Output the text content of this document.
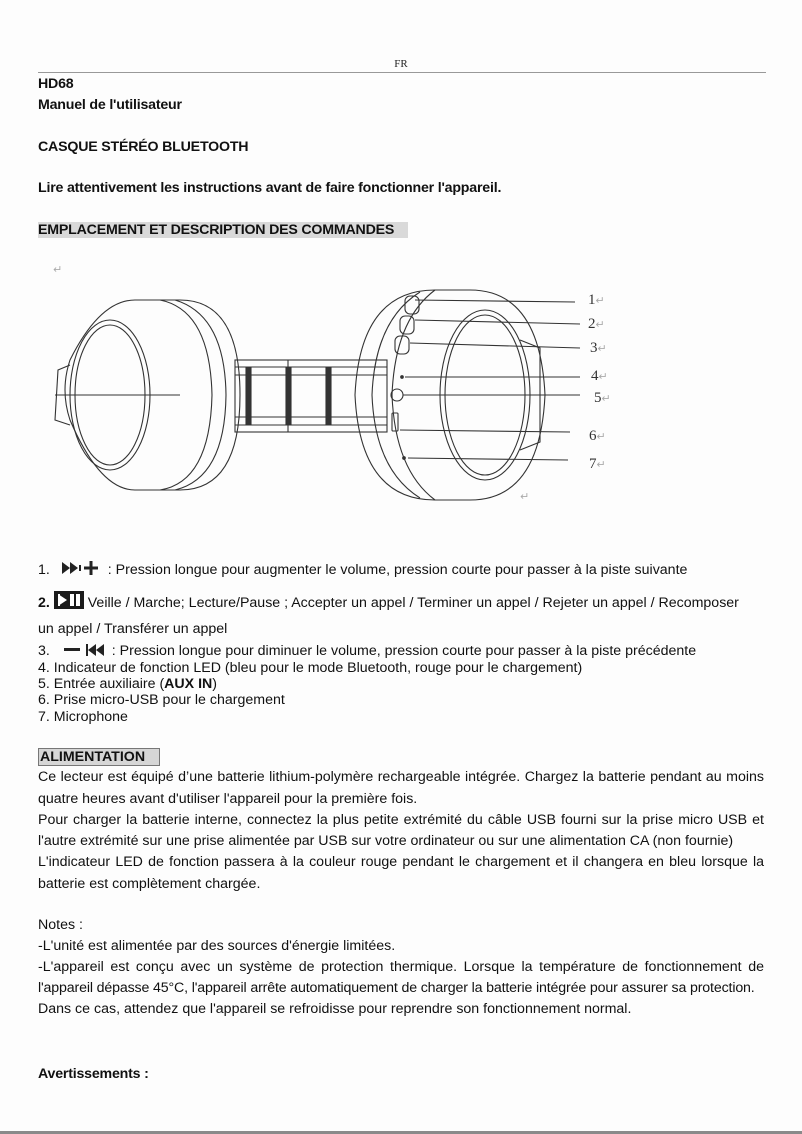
FR
HD68
Manuel de l'utilisateur
CASQUE STÉRÉO BLUETOOTH
Lire attentivement les instructions avant de faire fonctionner l'appareil.
EMPLACEMENT ET DESCRIPTION DES COMMANDES
↵
↵
1↵
2↵
3↵
4↵
5↵
6↵
7↵
1.	: Pression longue pour augmenter le volume, pression courte pour passer à la piste suivante
2.	Veille / Marche; Lecture/Pause ; Accepter un appel / Terminer un appel / Rejeter un appel / Recomposer
un appel / Transférer un appel
3.	: Pression longue pour diminuer le volume, pression courte pour passer à la piste précédente
4. Indicateur de fonction LED (bleu pour le mode Bluetooth, rouge pour le chargement)
5. Entrée auxiliaire (AUX IN)
6. Prise micro-USB pour le chargement
7. Microphone
ALIMENTATION
Ce lecteur est équipé d’une batterie lithium-polymère rechargeable intégrée. Chargez la batterie pendant au moins
quatre heures avant d'utiliser l'appareil pour la première fois.
Pour charger la batterie interne, connectez la plus petite extrémité du câble USB fourni sur la prise micro USB et
l'autre extrémité sur une prise alimentée par USB sur votre ordinateur ou sur une alimentation CA (non fournie)
L'indicateur LED de fonction passera à la couleur rouge pendant le chargement et il changera en bleu lorsque la
batterie est complètement chargée.
Notes :
-L'unité est alimentée par des sources d'énergie limitées.
-L'appareil est conçu avec un système de protection thermique. Lorsque la température de fonctionnement de
l'appareil dépasse 45°C, l'appareil arrête automatiquement de charger la batterie intégrée pour assurer sa protection.
Dans ce cas, attendez que l'appareil se refroidisse pour reprendre son fonctionnement normal.
Avertissements :
